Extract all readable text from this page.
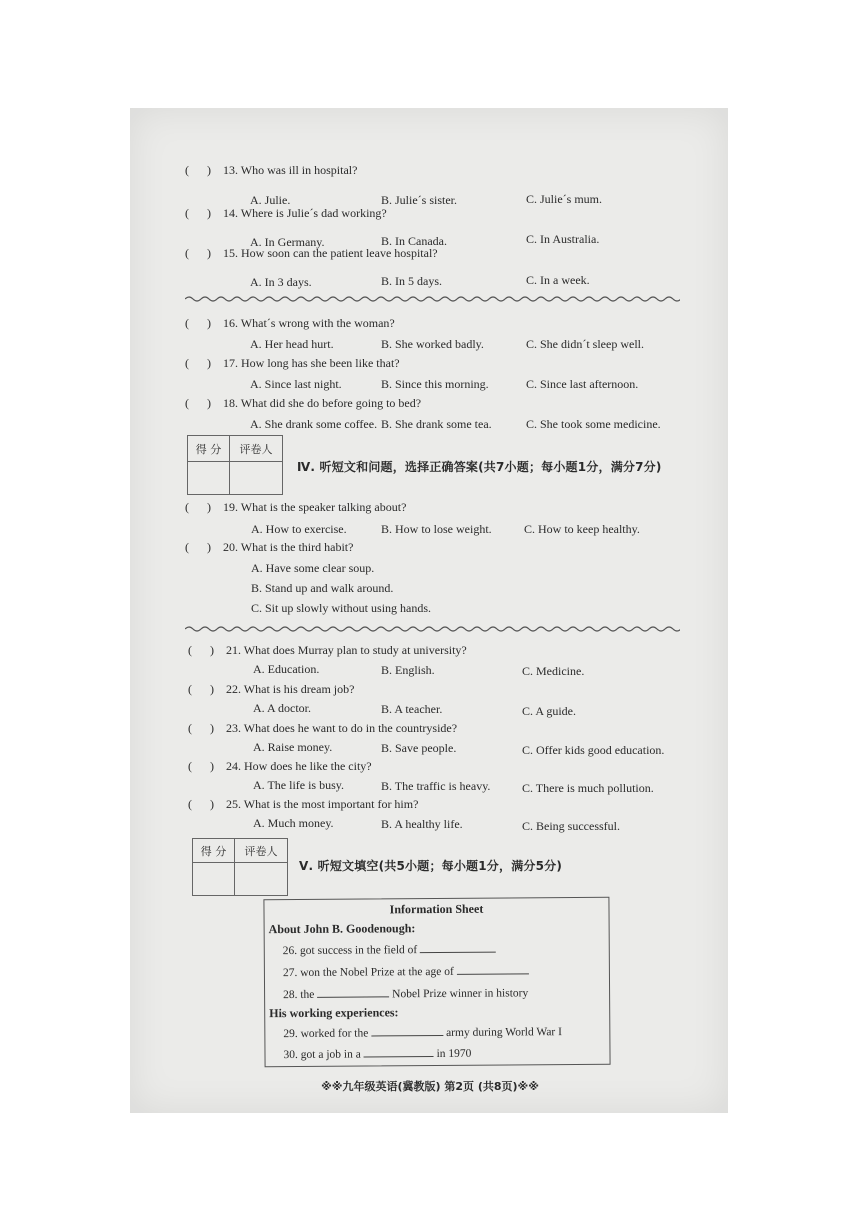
(      ) 13. Who was ill in hospital?
A. Julie.	B. Julie´s sister.	C. Julie´s mum.
(      ) 14. Where is Julie´s dad working?
A. In Germany.	B. In Canada.	C. In Australia.
(      ) 15. How soon can the patient leave hospital?
A. In 3 days.	B. In 5 days.	C. In a week.
(      ) 16. What´s wrong with the woman?
A. Her head hurt.	B. She worked badly.	C. She didn´t sleep well.
(      ) 17. How long has she been like that?
A. Since last night.	B. Since this morning.	C. Since last afternoon.
(      ) 18. What did she do before going to bed?
A. She drank some coffee. B. She drank some tea.	C. She took some medicine.
得 分	评卷人

Ⅳ. 听短文和问题，选择正确答案(共7小题；每小题1分，满分7分)
(      ) 19. What is the speaker talking about?
A. How to exercise.	B. How to lose weight.	C. How to keep healthy.
(      ) 20. What is the third habit?
A. Have some clear soup.
B. Stand up and walk around.
C. Sit up slowly without using hands.
(      ) 21. What does Murray plan to study at university?
A. Education.	B. English.	C. Medicine.
(      ) 22. What is his dream job?
A. A doctor.	B. A teacher.	C. A guide.
(      ) 23. What does he want to do in the countryside?
A. Raise money.	B. Save people.	C. Offer kids good education.
(      ) 24. How does he like the city?
A. The life is busy.	B. The traffic is heavy.	C. There is much pollution.
(      ) 25. What is the most important for him?
A. Much money.	B. A healthy life.	C. Being successful.
得 分	评卷人

Ⅴ. 听短文填空(共5小题；每小题1分，满分5分)
Information Sheet
About John B. Goodenough:
26. got success in the field of
27. won the Nobel Prize at the age of
28. the	Nobel Prize winner in history
His working experiences:
29. worked for the	army during World War I
30. got a job in a	in 1970
※※九年级英语(冀教版) 第2页 (共8页)※※
